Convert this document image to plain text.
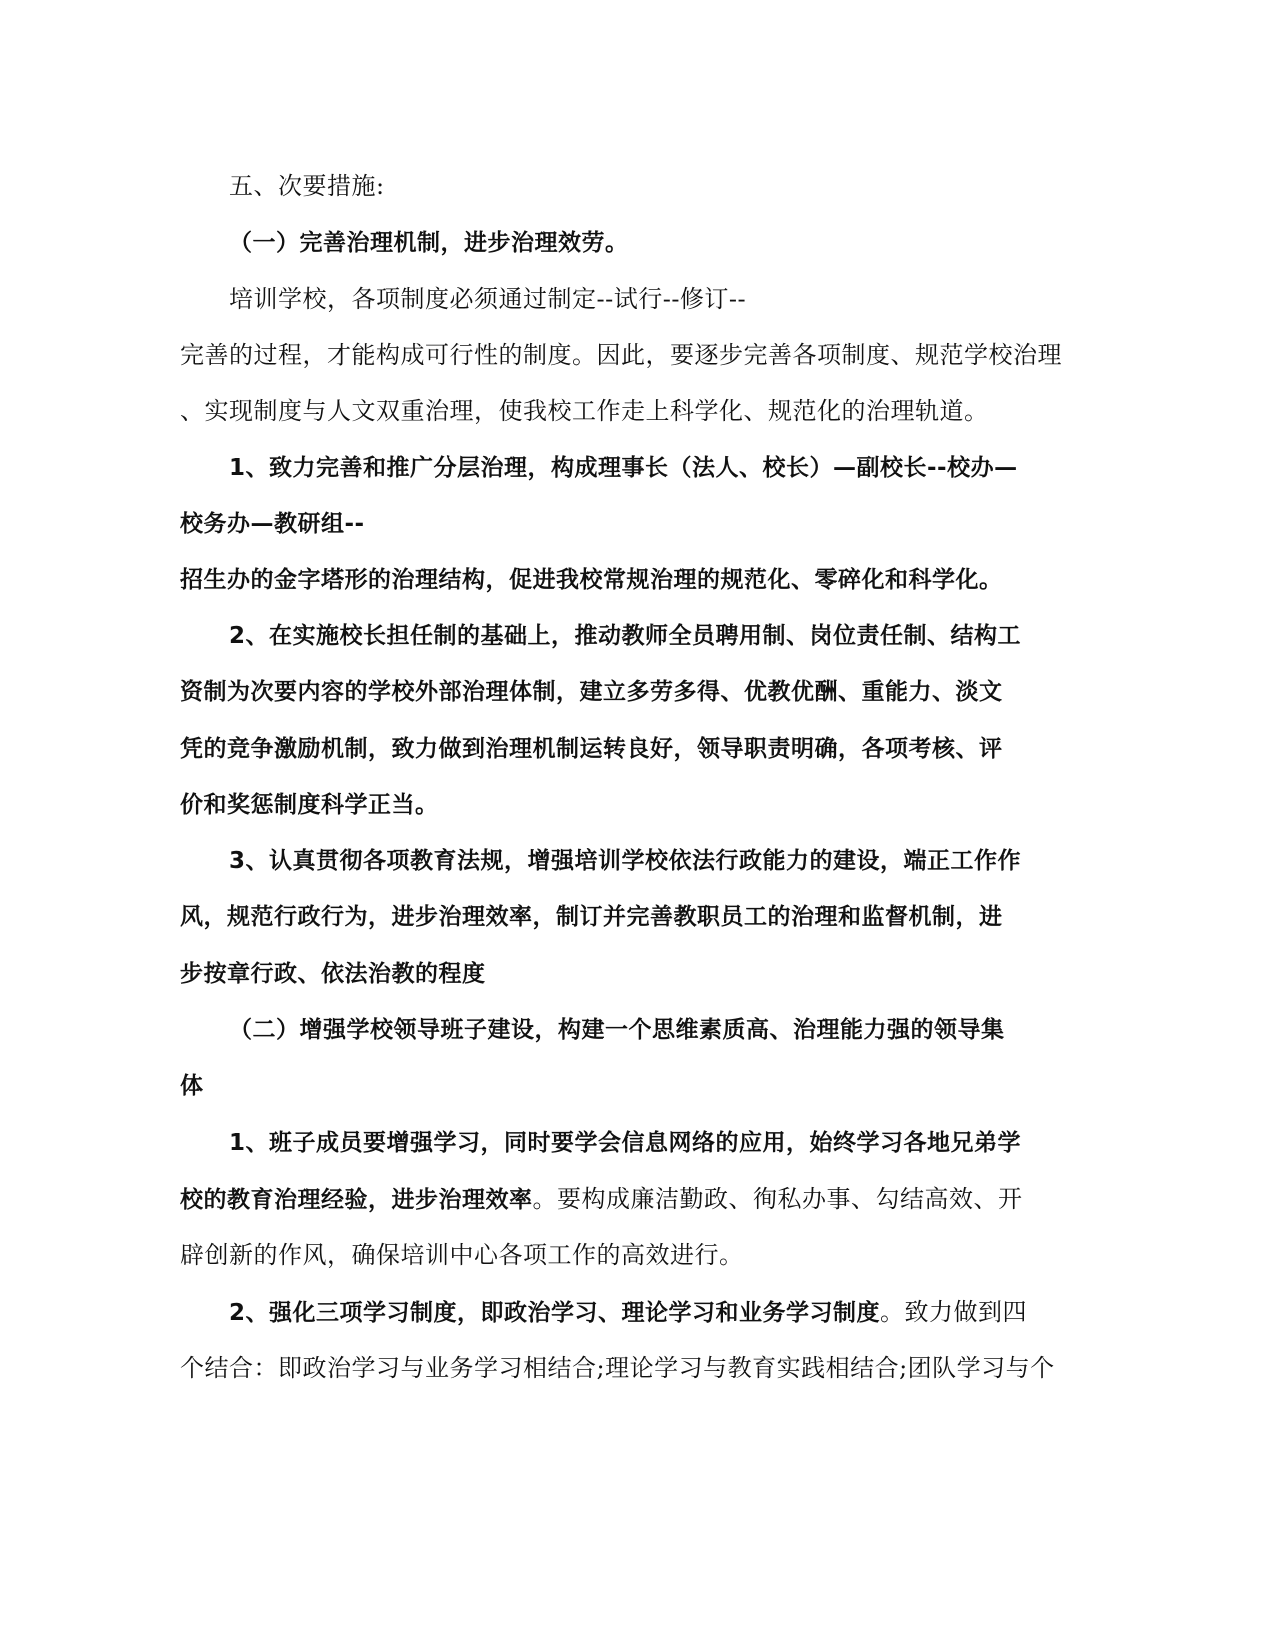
五、次要措施:
（一）完善治理机制，进步治理效劳。
培训学校，各项制度必须通过制定--试行--修订--
完善的过程，才能构成可行性的制度。因此，要逐步完善各项制度、规范学校治理
、实现制度与人文双重治理，使我校工作走上科学化、规范化的治理轨道。
1、致力完善和推广分层治理，构成理事长（法人、校长）—副校长--校办—
校务办—教研组--
招生办的金字塔形的治理结构，促进我校常规治理的规范化、零碎化和科学化。
2、在实施校长担任制的基础上，推动教师全员聘用制、岗位责任制、结构工
资制为次要内容的学校外部治理体制，建立多劳多得、优教优酬、重能力、淡文
凭的竞争激励机制，致力做到治理机制运转良好，领导职责明确，各项考核、评
价和奖惩制度科学正当。
3、认真贯彻各项教育法规，增强培训学校依法行政能力的建设，端正工作作
风，规范行政行为，进步治理效率，制订并完善教职员工的治理和监督机制，进
步按章行政、依法治教的程度
（二）增强学校领导班子建设，构建一个思维素质高、治理能力强的领导集
体
1、班子成员要增强学习，同时要学会信息网络的应用，始终学习各地兄弟学
校的教育治理经验，进步治理效率。要构成廉洁勤政、徇私办事、勾结高效、开
辟创新的作风，确保培训中心各项工作的高效进行。
2、强化三项学习制度，即政治学习、理论学习和业务学习制度。致力做到四
个结合：即政治学习与业务学习相结合;理论学习与教育实践相结合;团队学习与个
